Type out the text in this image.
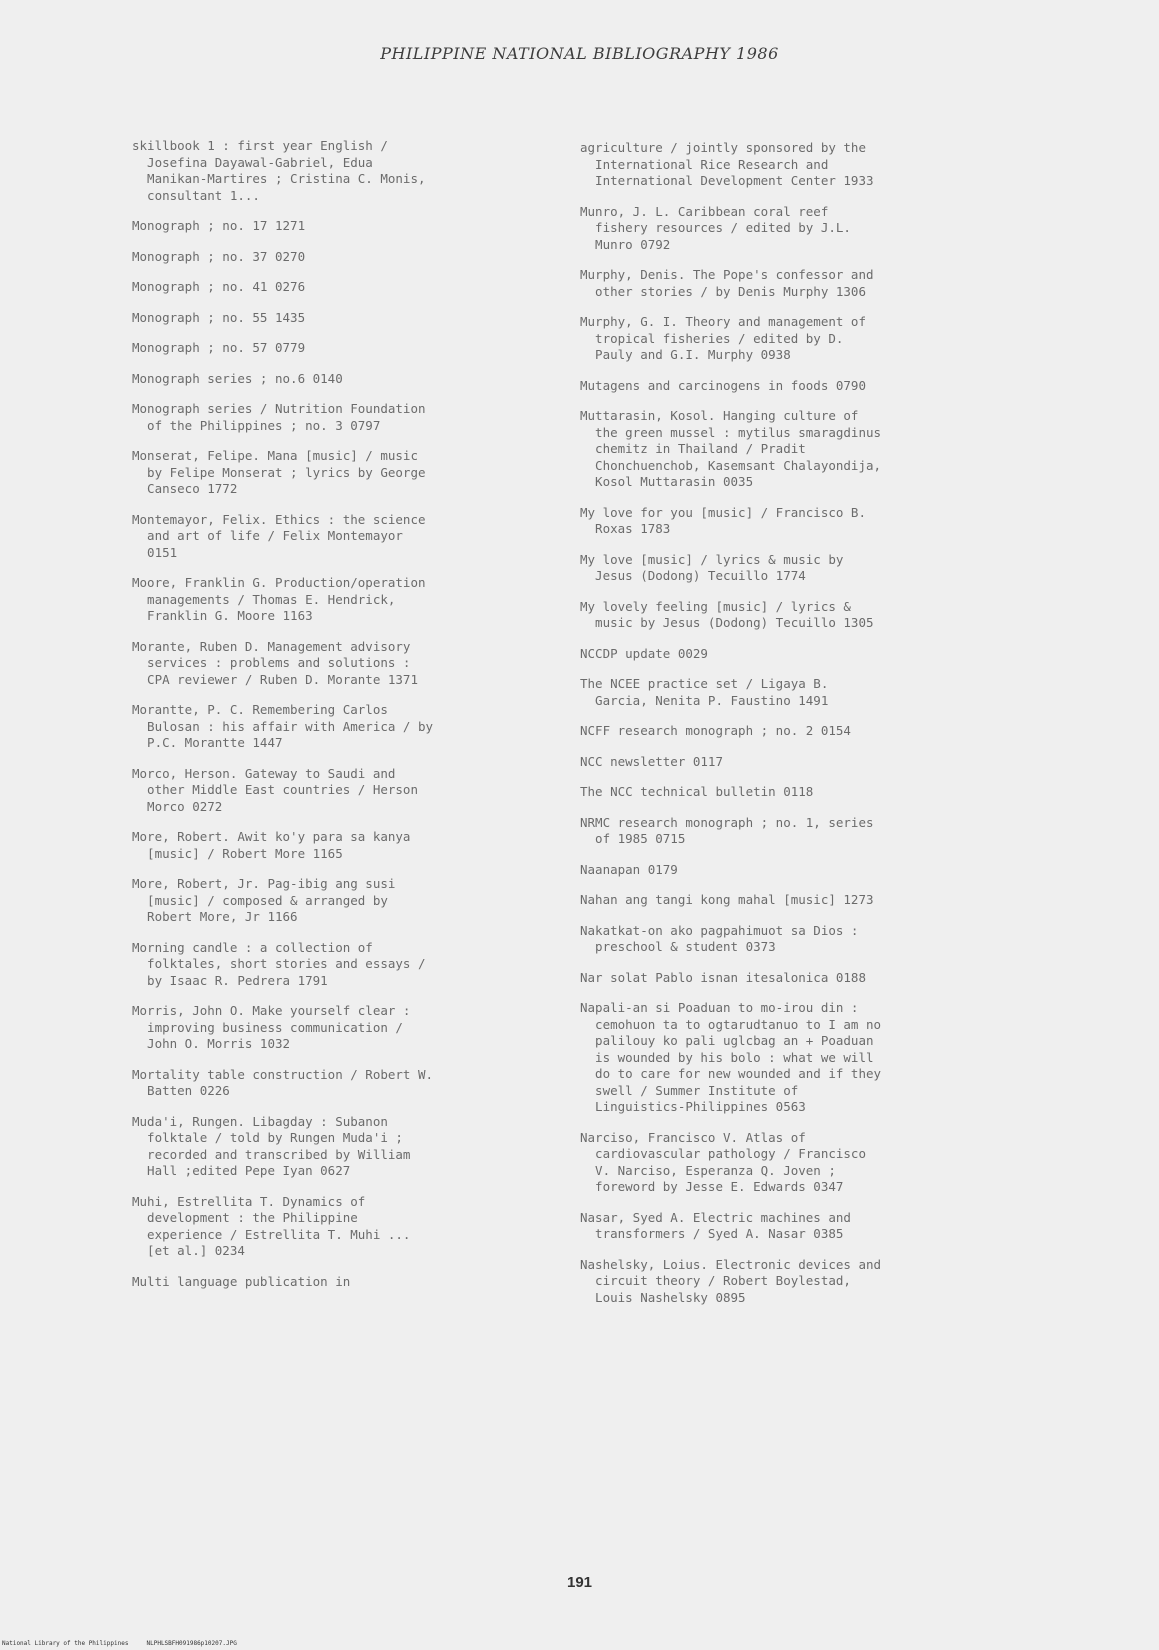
PHILIPPINE NATIONAL BIBLIOGRAPHY 1986

skillbook 1 : first year English /
Josefina Dayawal-Gabriel, Edua
Manikan-Martires ; Cristina C. Monis,
consultant 1...

Monograph ; no. 17 1271

Monograph ; no. 37 0270

Monograph ; no. 41 0276

Monograph ; no. 55 1435

Monograph ; no. 57 0779

Monograph series ; no.6 0140

Monograph series / Nutrition Foundation
of the Philippines ; no. 3 0797

Monserat, Felipe. Mana [music] / music
by Felipe Monserat ; lyrics by George
Canseco 1772

Montemayor, Felix. Ethics : the science
and art of life / Felix Montemayor
0151

Moore, Franklin G. Production/operation
managements / Thomas E. Hendrick,
Franklin G. Moore 1163

Morante, Ruben D. Management advisory
services : problems and solutions :
CPA reviewer / Ruben D. Morante 1371

Morantte, P. C. Remembering Carlos
Bulosan : his affair with America / by
P.C. Morantte 1447

Morco, Herson. Gateway to Saudi and
other Middle East countries / Herson
Morco 0272

More, Robert. Awit ko'y para sa kanya
[music] / Robert More 1165

More, Robert, Jr. Pag-ibig ang susi
[music] / composed & arranged by
Robert More, Jr 1166

Morning candle : a collection of
folktales, short stories and essays /
by Isaac R. Pedrera 1791

Morris, John O. Make yourself clear :
improving business communication /
John O. Morris 1032

Mortality table construction / Robert W.
Batten 0226

Muda'i, Rungen. Libagday : Subanon
folktale / told by Rungen Muda'i ;
recorded and transcribed by William
Hall ;edited Pepe Iyan 0627

Muhi, Estrellita T. Dynamics of
development : the Philippine
experience / Estrellita T. Muhi ...
[et al.] 0234

Multi language publication in

agriculture / jointly sponsored by the
International Rice Research and
International Development Center 1933

Munro, J. L. Caribbean coral reef
fishery resources / edited by J.L.
Munro 0792

Murphy, Denis. The Pope's confessor and
other stories / by Denis Murphy 1306

Murphy, G. I. Theory and management of
tropical fisheries / edited by D.
Pauly and G.I. Murphy 0938

Mutagens and carcinogens in foods 0790

Muttarasin, Kosol. Hanging culture of
the green mussel : mytilus smaragdinus
chemitz in Thailand / Pradit
Chonchuenchob, Kasemsant Chalayondija,
Kosol Muttarasin 0035

My love for you [music] / Francisco B.
Roxas 1783

My love [music] / lyrics & music by
Jesus (Dodong) Tecuillo 1774

My lovely feeling [music] / lyrics &
music by Jesus (Dodong) Tecuillo 1305

NCCDP update 0029

The NCEE practice set / Ligaya B.
Garcia, Nenita P. Faustino 1491

NCFF research monograph ; no. 2 0154

NCC newsletter 0117

The NCC technical bulletin 0118

NRMC research monograph ; no. 1, series
of 1985 0715

Naanapan 0179

Nahan ang tangi kong mahal [music] 1273

Nakatkat-on ako pagpahimuot sa Dios :
preschool & student 0373

Nar solat Pablo isnan itesalonica 0188

Napali-an si Poaduan to mo-irou din :
cemohuon ta to ogtarudtanuo to I am no
palilouy ko pali uglcbag an + Poaduan
is wounded by his bolo : what we will
do to care for new wounded and if they
swell / Summer Institute of
Linguistics-Philippines 0563

Narciso, Francisco V. Atlas of
cardiovascular pathology / Francisco
V. Narciso, Esperanza Q. Joven ;
foreword by Jesse E. Edwards 0347

Nasar, Syed A. Electric machines and
transformers / Syed A. Nasar 0385

Nashelsky, Loius. Electronic devices and
circuit theory / Robert Boylestad,
Louis Nashelsky 0895

191
National Library of the Philippines     NLPHLSBFH091986p10207.JPG
